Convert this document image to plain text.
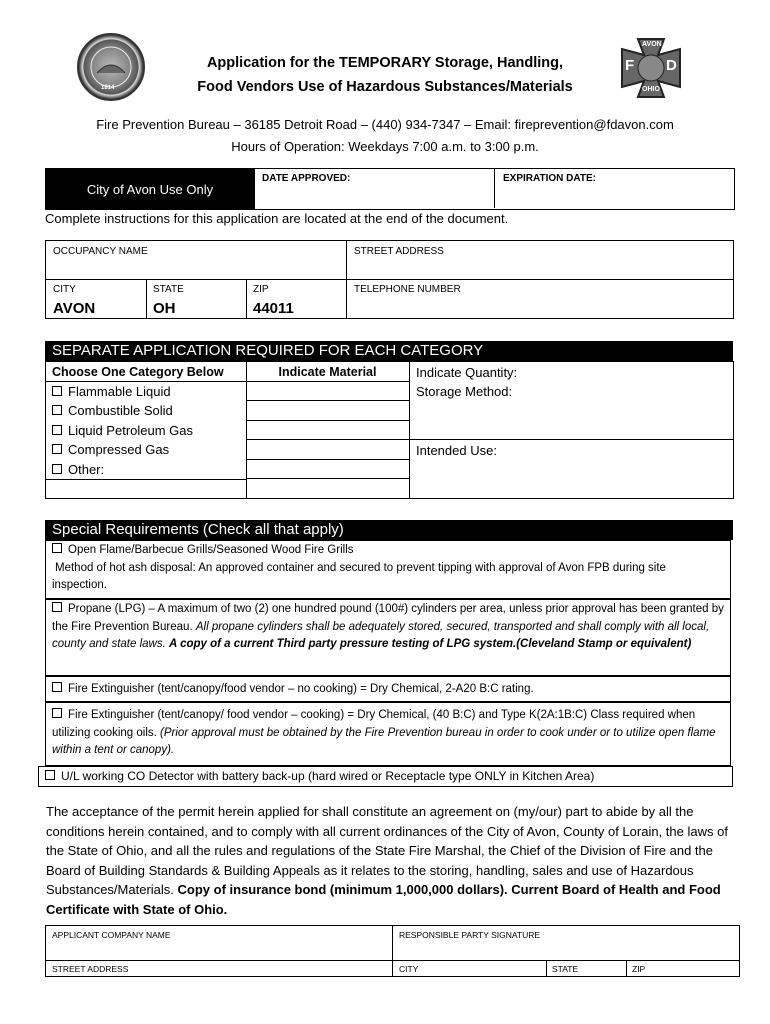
1814
AVON
F D
OHIO
Application for the TEMPORARY Storage, Handling,
Food Vendors Use of Hazardous Substances/Materials
Fire Prevention Bureau – 36185 Detroit Road – (440) 934-7347 – Email: fireprevention@fdavon.com
Hours of Operation: Weekdays 7:00 a.m. to 3:00 p.m.
City of Avon Use Only
DATE APPROVED:	EXPIRATION DATE:
Complete instructions for this application are located at the end of the document.
OCCUPANCY NAME	STREET ADDRESS
CITY	STATE	ZIP	TELEPHONE NUMBER
AVON	OH	44011
SEPARATE APPLICATION REQUIRED FOR EACH CATEGORY
Choose One Category Below	Indicate Material	Indicate Quantity:
Storage Method:
Intended Use:
Flammable Liquid
Combustible Solid
Liquid Petroleum Gas
Compressed Gas
Other:
Special Requirements (Check all that apply)
Open Flame/Barbecue Grills/Seasoned Wood Fire Grills
Method of hot ash disposal: An approved container and secured to prevent tipping with approval of Avon FPB during site inspection.
Propane (LPG) – A maximum of two (2) one hundred pound (100#) cylinders per area, unless prior approval has been granted by the Fire Prevention Bureau. All propane cylinders shall be adequately stored, secured, transported and shall comply with all local, county and state laws. A copy of a current Third party pressure testing of LPG system.(Cleveland Stamp or equivalent)
Fire Extinguisher (tent/canopy/food vendor – no cooking) = Dry Chemical, 2-A20 B:C rating.
Fire Extinguisher (tent/canopy/ food vendor – cooking) = Dry Chemical, (40 B:C) and Type K(2A:1B:C) Class required when utilizing cooking oils. (Prior approval must be obtained by the Fire Prevention bureau in order to cook under or to utilize open flame within a tent or canopy).
U/L working CO Detector with battery back-up (hard wired or Receptacle type ONLY in Kitchen Area)
The acceptance of the permit herein applied for shall constitute an agreement on (my/our) part to abide by all the conditions herein contained, and to comply with all current ordinances of the City of Avon, County of Lorain, the laws of the State of Ohio, and all the rules and regulations of the State Fire Marshal, the Chief of the Division of Fire and the Board of Building Standards & Building Appeals as it relates to the storing, handling, sales and use of Hazardous Substances/Materials. Copy of insurance bond (minimum 1,000,000 dollars). Current Board of Health and Food Certificate with State of Ohio.
APPLICANT COMPANY NAME	RESPONSIBLE PARTY SIGNATURE
STREET ADDRESS	CITY	STATE	ZIP
